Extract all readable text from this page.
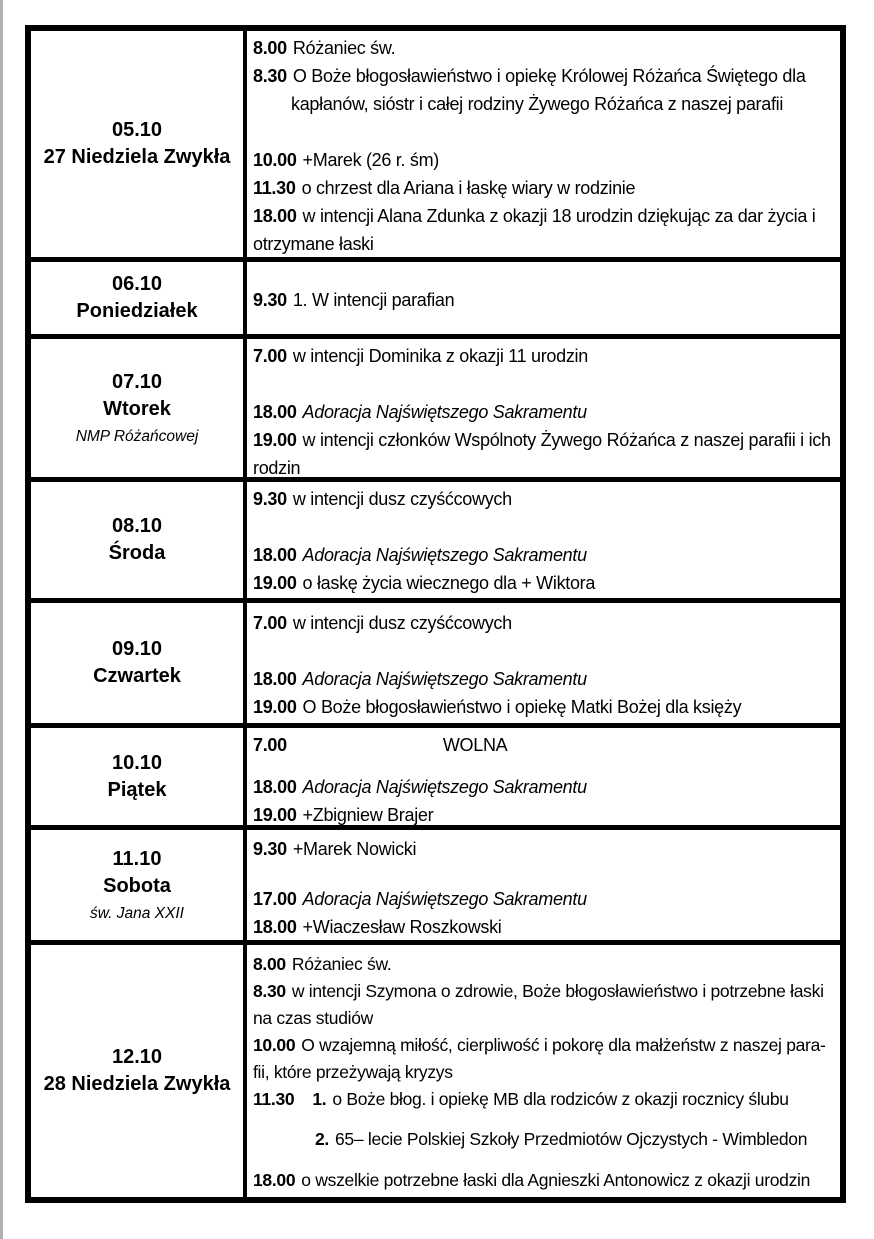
05.10
27 Niedziela Zwykła
8.00 Różaniec św.
8.30 O Boże błogosławieństwo i opiekę Królowej Różańca Świętego dla
kapłanów, sióstr i całej rodziny Żywego Różańca z naszej parafii
10.00 +Marek (26 r. śm)
11.30 o chrzest dla Ariana i łaskę wiary w rodzinie
18.00 w intencji Alana Zdunka z okazji 18 urodzin dziękując za dar życia i
otrzymane łaski
06.10
Poniedziałek	9.30 1. W intencji parafian
07.10
Wtorek
NMP Różańcowej
7.00 w intencji Dominika z okazji 11 urodzin
18.00 Adoracja Najświętszego Sakramentu
19.00 w intencji członków Wspólnoty Żywego Różańca z naszej parafii i ich
rodzin
08.10
Środa
9.30 w intencji dusz czyśćcowych
18.00 Adoracja Najświętszego Sakramentu
19.00 o łaskę życia wiecznego dla + Wiktora
09.10
Czwartek
7.00 w intencji dusz czyśćcowych
18.00 Adoracja Najświętszego Sakramentu
19.00 O Boże błogosławieństwo i opiekę Matki Bożej dla księży
10.10
Piątek
7.00	WOLNA
18.00 Adoracja Najświętszego Sakramentu
19.00 +Zbigniew Brajer
11.10
Sobota
św. Jana XXII
9.30 +Marek Nowicki
17.00 Adoracja Najświętszego Sakramentu
18.00 +Wiaczesław Roszkowski
12.10
28 Niedziela Zwykła
8.00 Różaniec św.
8.30 w intencji Szymona o zdrowie, Boże błogosławieństwo i potrzebne łaski
na czas studiów
10.00 O wzajemną miłość, cierpliwość i pokorę dla małżeństw z naszej para-
fii, które przeżywają kryzys
11.30 1. o Boże błog. i opiekę MB dla rodziców z okazji rocznicy ślubu
2. 65– lecie Polskiej Szkoły Przedmiotów Ojczystych - Wimbledon
18.00 o wszelkie potrzebne łaski dla Agnieszki Antonowicz z okazji urodzin
